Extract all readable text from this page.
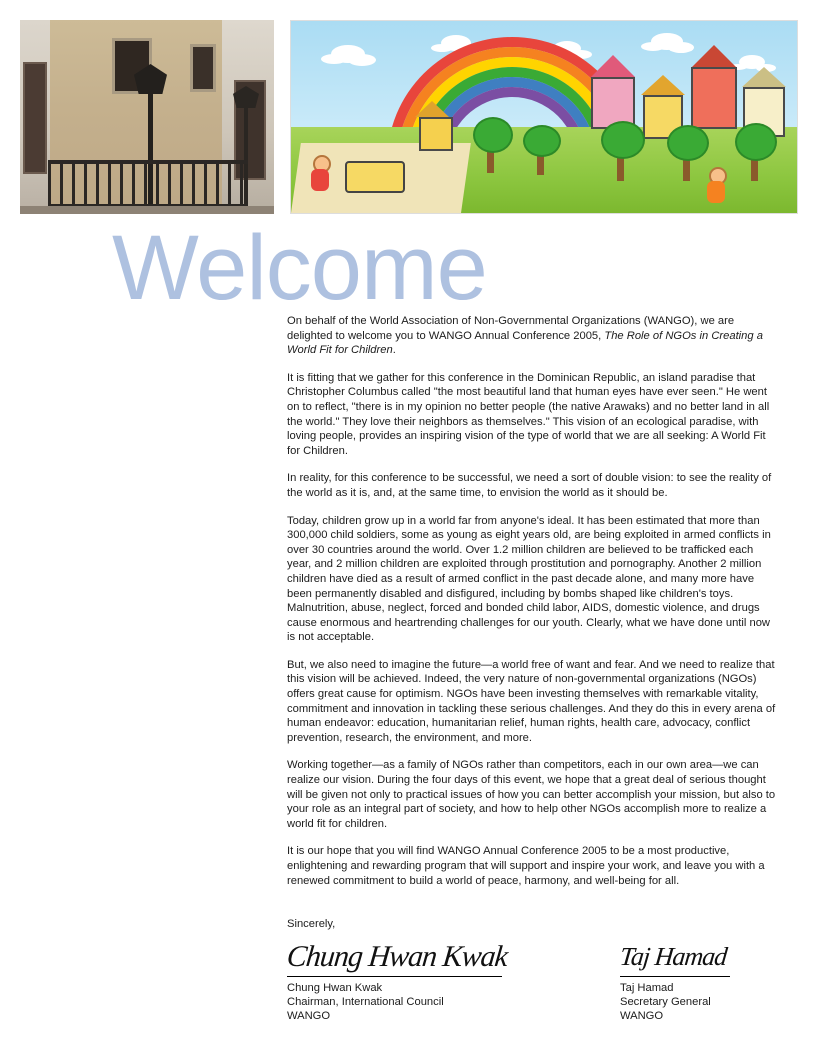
Welcome

On behalf of the World Association of Non-Governmental Organizations (WANGO), we are delighted to welcome you to WANGO Annual Conference 2005, The Role of NGOs in Creating a World Fit for Children.

It is fitting that we gather for this conference in the Dominican Republic, an island paradise that Christopher Columbus called "the most beautiful land that human eyes have ever seen." He went on to reflect, "there is in my opinion no better people (the native Arawaks) and no better land in all the world." They love their neighbors as themselves." This vision of an ecological paradise, with loving people, provides an inspiring vision of the type of world that we are all seeking: A World Fit for Children.

In reality, for this conference to be successful, we need a sort of double vision: to see the reality of the world as it is, and, at the same time, to envision the world as it should be.

Today, children grow up in a world far from anyone's ideal. It has been estimated that more than 300,000 child soldiers, some as young as eight years old, are being exploited in armed conflicts in over 30 countries around the world. Over 1.2 million children are believed to be trafficked each year, and 2 million children are exploited through prostitution and pornography. Another 2 million children have died as a result of armed conflict in the past decade alone, and many more have been permanently disabled and disfigured, including by bombs shaped like children's toys. Malnutrition, abuse, neglect, forced and bonded child labor, AIDS, domestic violence, and drugs cause enormous and heartrending challenges for our youth. Clearly, what we have done until now is not acceptable.

But, we also need to imagine the future—a world free of want and fear. And we need to realize that this vision will be achieved. Indeed, the very nature of non-governmental organizations (NGOs) offers great cause for optimism. NGOs have been investing themselves with remarkable vitality, commitment and innovation in tackling these serious challenges. And they do this in every arena of human endeavor: education, humanitarian relief, human rights, health care, advocacy, conflict prevention, research, the environment, and more.

Working together—as a family of NGOs rather than competitors, each in our own area—we can realize our vision. During the four days of this event, we hope that a great deal of serious thought will be given not only to practical issues of how you can better accomplish your mission, but also to your role as an integral part of society, and how to help other NGOs accomplish more to realize a world fit for children.

It is our hope that you will find WANGO Annual Conference 2005 to be a most productive, enlightening and rewarding program that will support and inspire your work, and leave you with a renewed commitment to build a world of peace, harmony, and well-being for all.

Sincerely,
Chung Hwan Kwak
Chung Hwan Kwak
Chairman, International Council
WANGO
Taj Hamad
Taj Hamad
Secretary General
WANGO
